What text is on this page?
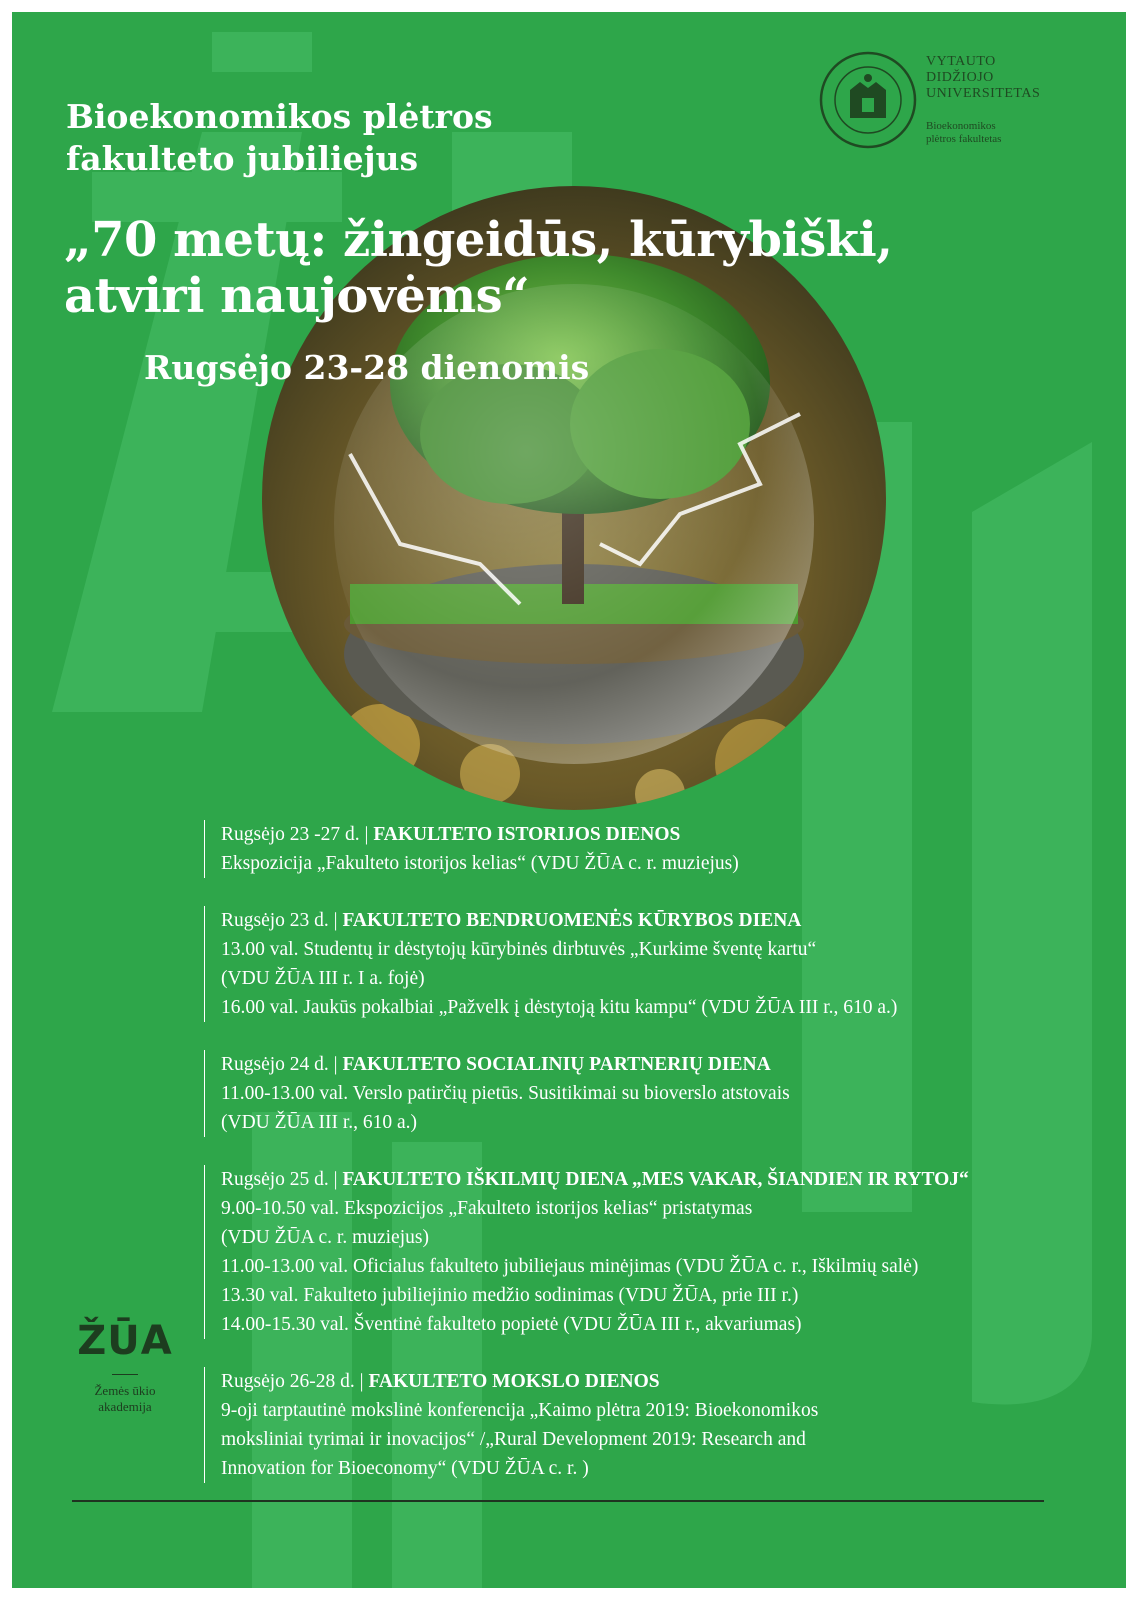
Bioekonomikos plėtros
fakulteto jubiliejus
VYTAUTO
DIDŽIOJO
UNIVERSITETAS
Bioekonomikos
plėtros fakultetas
„70 metų: žingeidūs, kūrybiški,
atviri naujovėms“
Rugsėjo 23-28 dienomis
Rugsėjo 23 -27 d. | FAKULTETO ISTORIJOS DIENOS
Ekspozicija „Fakulteto istorijos kelias“ (VDU ŽŪA c. r. muziejus)
Rugsėjo 23 d. | FAKULTETO BENDRUOMENĖS KŪRYBOS DIENA
13.00 val. Studentų ir dėstytojų kūrybinės dirbtuvės „Kurkime šventę kartu“
(VDU ŽŪA III r. I a. fojė)
16.00 val. Jaukūs pokalbiai „Pažvelk į dėstytoją kitu kampu“ (VDU ŽŪA III r., 610 a.)
Rugsėjo 24 d. | FAKULTETO SOCIALINIŲ PARTNERIŲ DIENA
11.00-13.00 val. Verslo patirčių pietūs. Susitikimai su bioverslo atstovais
(VDU ŽŪA III r., 610 a.)
Rugsėjo 25 d. | FAKULTETO IŠKILMIŲ DIENA „MES VAKAR, ŠIANDIEN IR RYTOJ“
9.00-10.50 val. Ekspozicijos „Fakulteto istorijos kelias“ pristatymas
(VDU ŽŪA c. r. muziejus)
11.00-13.00 val. Oficialus fakulteto jubiliejaus minėjimas (VDU ŽŪA c. r., Iškilmių salė)
13.30 val. Fakulteto jubiliejinio medžio sodinimas (VDU ŽŪA, prie III r.)
14.00-15.30 val. Šventinė fakulteto popietė (VDU ŽŪA III r., akvariumas)
Rugsėjo 26-28 d. | FAKULTETO MOKSLO DIENOS
9-oji tarptautinė mokslinė konferencija „Kaimo plėtra 2019: Bioekonomikos
moksliniai tyrimai ir inovacijos“ /„Rural Development 2019: Research and
Innovation for Bioeconomy“ (VDU ŽŪA c. r. )
ŽŪA
Žemės ūkio
akademija
